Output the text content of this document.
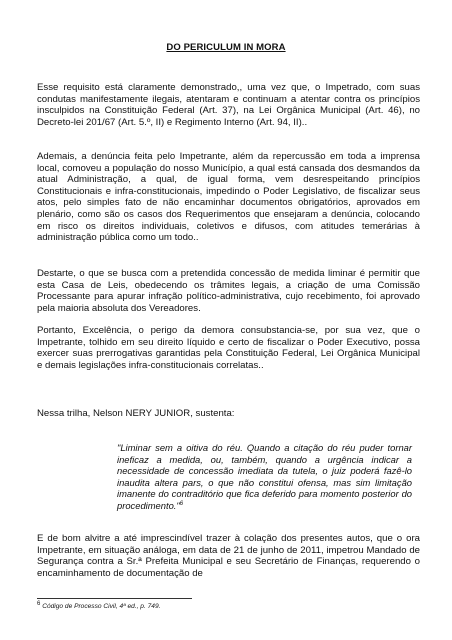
DO PERICULUM IN MORA

Esse requisito está claramente demonstrado,, uma vez que, o Impetrado, com suas condutas manifestamente ilegais, atentaram e continuam a atentar contra os princípios insculpidos na Constituição Federal (Art. 37), na Lei Orgânica Municipal (Art. 46), no Decreto-lei 201/67 (Art. 5.º, II) e Regimento Interno (Art. 94, II)..

Ademais, a denúncia feita pelo Impetrante, além da repercussão em toda a imprensa local, comoveu a população do nosso Município, a qual está cansada dos desmandos da atual Administração, a qual, de igual forma, vem desrespeitando princípios Constitucionais e infra-constitucionais, impedindo o Poder Legislativo, de fiscalizar seus atos, pelo simples fato de não encaminhar documentos obrigatórios, aprovados em plenário, como são os casos dos Requerimentos que ensejaram a denúncia, colocando em risco os direitos individuais, coletivos e difusos, com atitudes temerárias à administração pública como um todo..

Destarte, o que se busca com a pretendida concessão de medida liminar é permitir que esta Casa de Leis, obedecendo os trâmites legais, a criação de uma Comissão Processante para apurar infração político-administrativa, cujo recebimento, foi aprovado pela maioria absoluta dos Vereadores.

Portanto, Excelência, o perigo da demora consubstancia-se, por sua vez, que o Impetrante, tolhido em seu direito líquido e certo de fiscalizar o Poder Executivo, possa exercer suas prerrogativas garantidas pela Constituição Federal, Lei Orgânica Municipal e demais legislações infra-constitucionais correlatas..

Nessa trilha, Nelson NERY JUNIOR, sustenta:

"Liminar sem a oitiva do réu. Quando a citação do réu puder tornar ineficaz a medida, ou, também, quando a urgência indicar a necessidade de concessão imediata da tutela, o juiz poderá fazê-lo inaudita altera pars, o que não constitui ofensa, mas sim limitação imanente do contraditório que fica deferido para momento posterior do procedimento."$^6$

E de bom alvitre a até imprescindível trazer à colação dos presentes autos, que o ora Impetrante, em situação análoga, em data de 21 de junho de 2011, impetrou Mandado de Segurança contra a Sr.ª Prefeita Municipal e seu Secretário de Finanças, requerendo o encaminhamento de documentação de

$^6$ Código de Processo Civil, 4ª ed., p. 749.
